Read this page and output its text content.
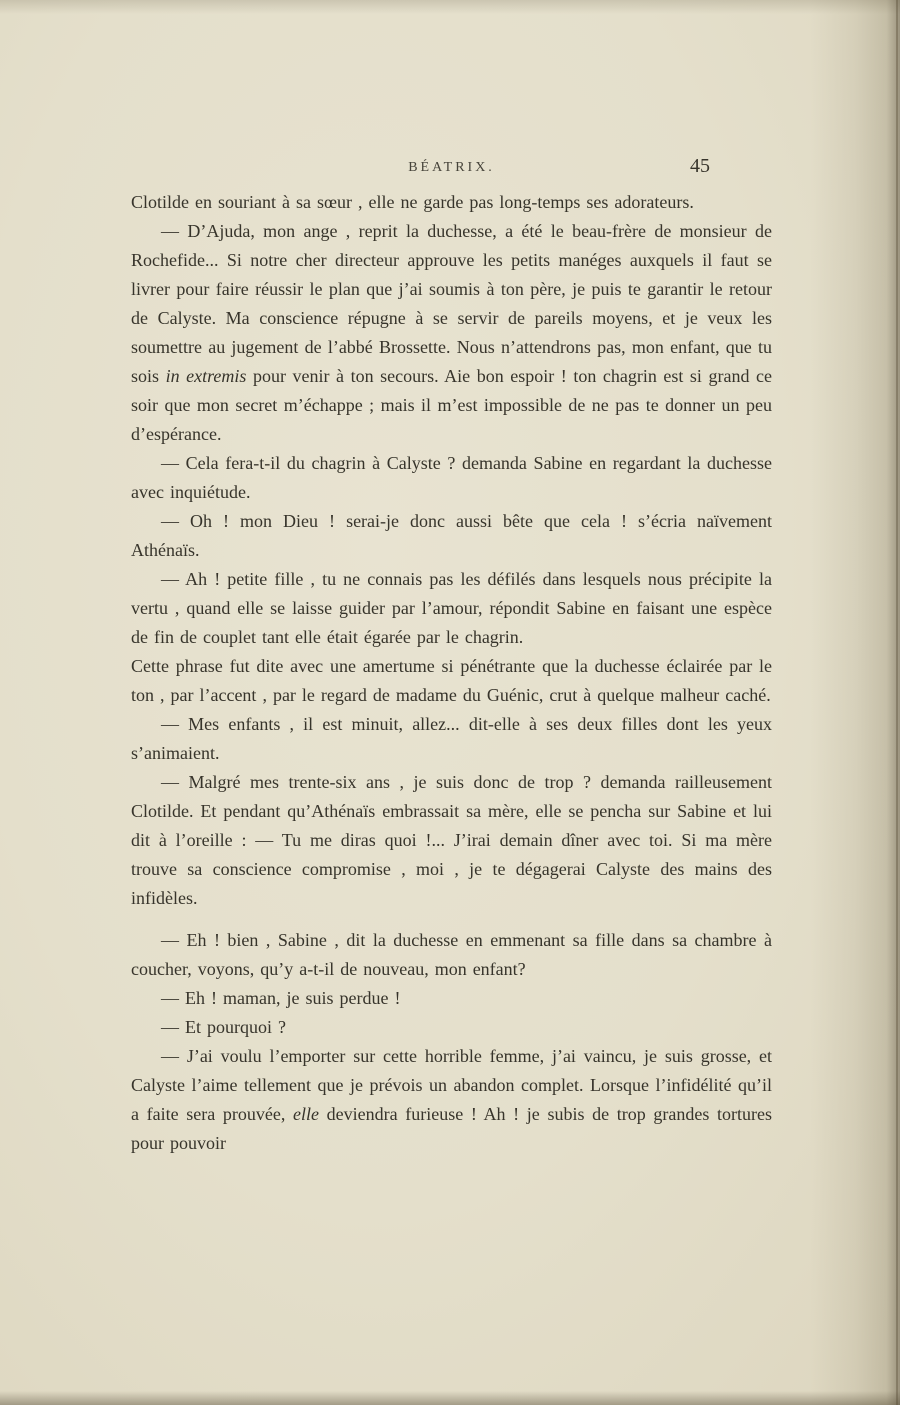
BÉATRIX.	45

Clotilde en souriant à sa sœur , elle ne garde pas long-temps ses adorateurs.

— D’Ajuda, mon ange , reprit la duchesse, a été le beau-frère de monsieur de Rochefide... Si notre cher directeur approuve les petits manéges auxquels il faut se livrer pour faire réussir le plan que j’ai soumis à ton père, je puis te garantir le retour de Calyste. Ma conscience répugne à se servir de pareils moyens, et je veux les soumettre au jugement de l’abbé Brossette. Nous n’attendrons pas, mon enfant, que tu sois in extremis pour venir à ton secours. Aie bon espoir ! ton chagrin est si grand ce soir que mon secret m’échappe ; mais il m’est impossible de ne pas te donner un peu d’espérance.

— Cela fera-t-il du chagrin à Calyste ? demanda Sabine en regardant la duchesse avec inquiétude.

— Oh ! mon Dieu ! serai-je donc aussi bête que cela ! s’écria naïvement Athénaïs.

— Ah ! petite fille , tu ne connais pas les défilés dans lesquels nous précipite la vertu , quand elle se laisse guider par l’amour, répondit Sabine en faisant une espèce de fin de couplet tant elle était égarée par le chagrin.

Cette phrase fut dite avec une amertume si pénétrante que la duchesse éclairée par le ton , par l’accent , par le regard de madame du Guénic, crut à quelque malheur caché.

— Mes enfants , il est minuit, allez... dit-elle à ses deux filles dont les yeux s’animaient.

— Malgré mes trente-six ans , je suis donc de trop ? demanda railleusement Clotilde. Et pendant qu’Athénaïs embrassait sa mère, elle se pencha sur Sabine et lui dit à l’oreille : — Tu me diras quoi !... J’irai demain dîner avec toi. Si ma mère trouve sa conscience compromise , moi , je te dégagerai Calyste des mains des infidèles.

— Eh ! bien , Sabine , dit la duchesse en emmenant sa fille dans sa chambre à coucher, voyons, qu’y a-t-il de nouveau, mon enfant?

— Eh ! maman, je suis perdue !

— Et pourquoi ?

— J’ai voulu l’emporter sur cette horrible femme, j’ai vaincu, je suis grosse, et Calyste l’aime tellement que je prévois un abandon complet. Lorsque l’infidélité qu’il a faite sera prouvée, elle deviendra furieuse ! Ah ! je subis de trop grandes tortures pour pouvoir
